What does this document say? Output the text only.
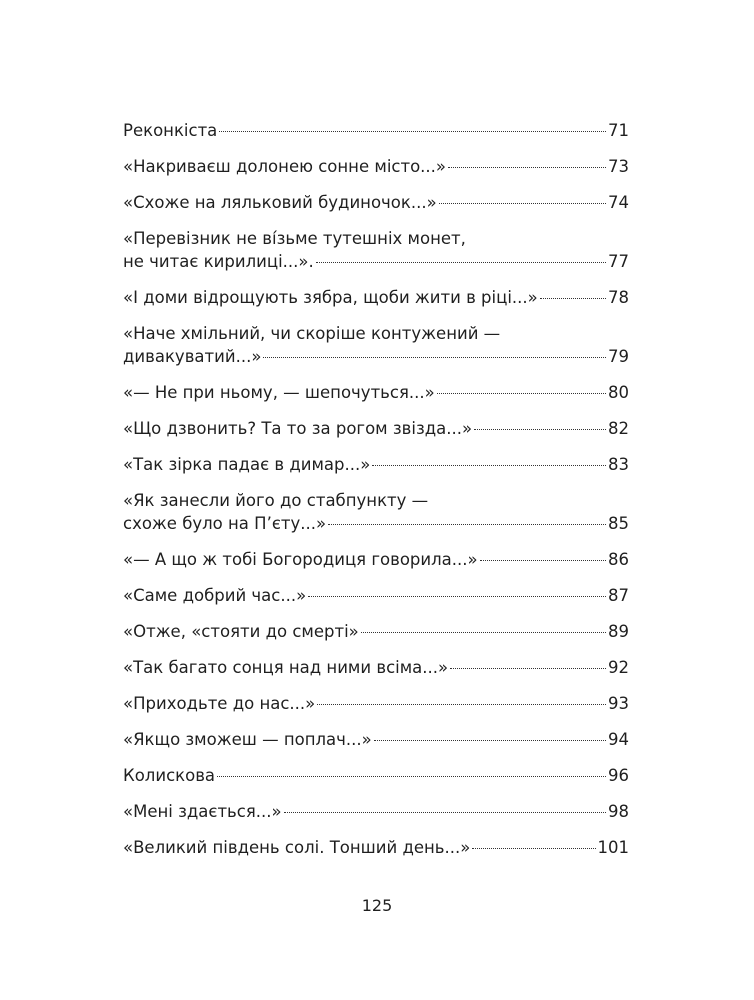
Реконкіста	71
«Накриваєш долонею сонне місто...»	73
«Схоже на ляльковий будиночок...»	74
«Перевізник не ві́зьме тутешніх монет,
не читає кирилиці...».	77
«І доми відрощують зябра, щоби жити в ріці...»	78
«Наче хмільний, чи скоріше контужений —
дивакуватий...»	79
«— Не при ньому, — шепочуться...»	80
«Що дзвонить? Та то за рогом звізда...»	82
«Так зірка падає в димар...»	83
«Як занесли його до стабпункту —
схоже було на П’єту...»	85
«— А що ж тобі Богородиця говорила...»	86
«Саме добрий час...»	87
«Отже, «стояти до смерті»	89
«Так багато сонця над ними всіма...»	92
«Приходьте до нас...»	93
«Якщо зможеш — поплач...»	94
Колискова	96
«Мені здається...»	98
«Великий південь солі. Тонший день...»	101
125
